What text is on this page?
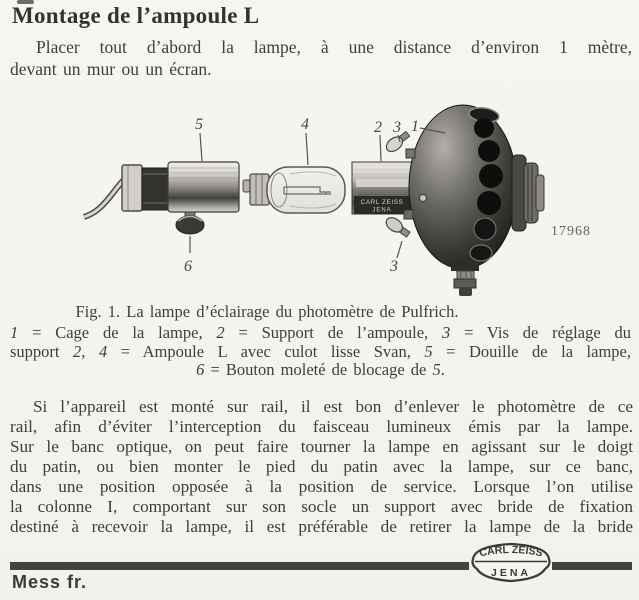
Montage de l’ampoule L
Placer tout d’abord la lampe, à une distance d’environ 1 mètre,
devant un mur ou un écran.
CARL ZEISS
JENA
5	4	2 3 1
6	3
17968
Fig. 1. La lampe d’éclairage du photomètre de Pulfrich.
1 = Cage de la lampe, 2 = Support de l’ampoule, 3 = Vis de réglage du
support 2, 4 = Ampoule L avec culot lisse Svan, 5 = Douille de la lampe,
6 = Bouton moleté de blocage de 5.
Si l’appareil est monté sur rail, il est bon d’enlever le photomètre de ce
rail, afin d’éviter l’interception du faisceau lumineux émis par la lampe.
Sur le banc optique, on peut faire tourner la lampe en agissant sur le doigt
du patin, ou bien monter le pied du patin avec la lampe, sur ce banc,
dans une position opposée à la position de service. Lorsque l’on utilise
la colonne I, comportant sur son socle un support avec bride de fixation
destiné à recevoir la lampe, il est préférable de retirer la lampe de la bride
CARL ZEISS
JENA
Mess fr.
